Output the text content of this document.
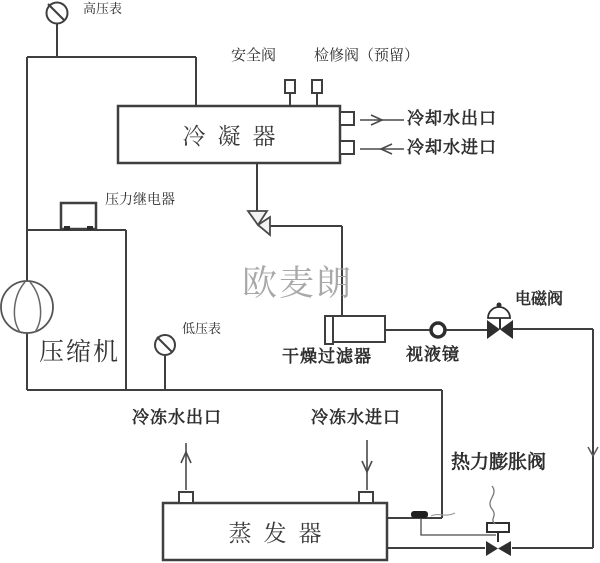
高压表
安全阀	检修阀（预留）
冷凝器
冷却水出口
冷却水进口
压力继电器
欧麦朗
压缩机
低压表
干燥过滤器 视液镜
电磁阀
冷冻水出口	冷冻水进口
热力膨胀阀
蒸发器
